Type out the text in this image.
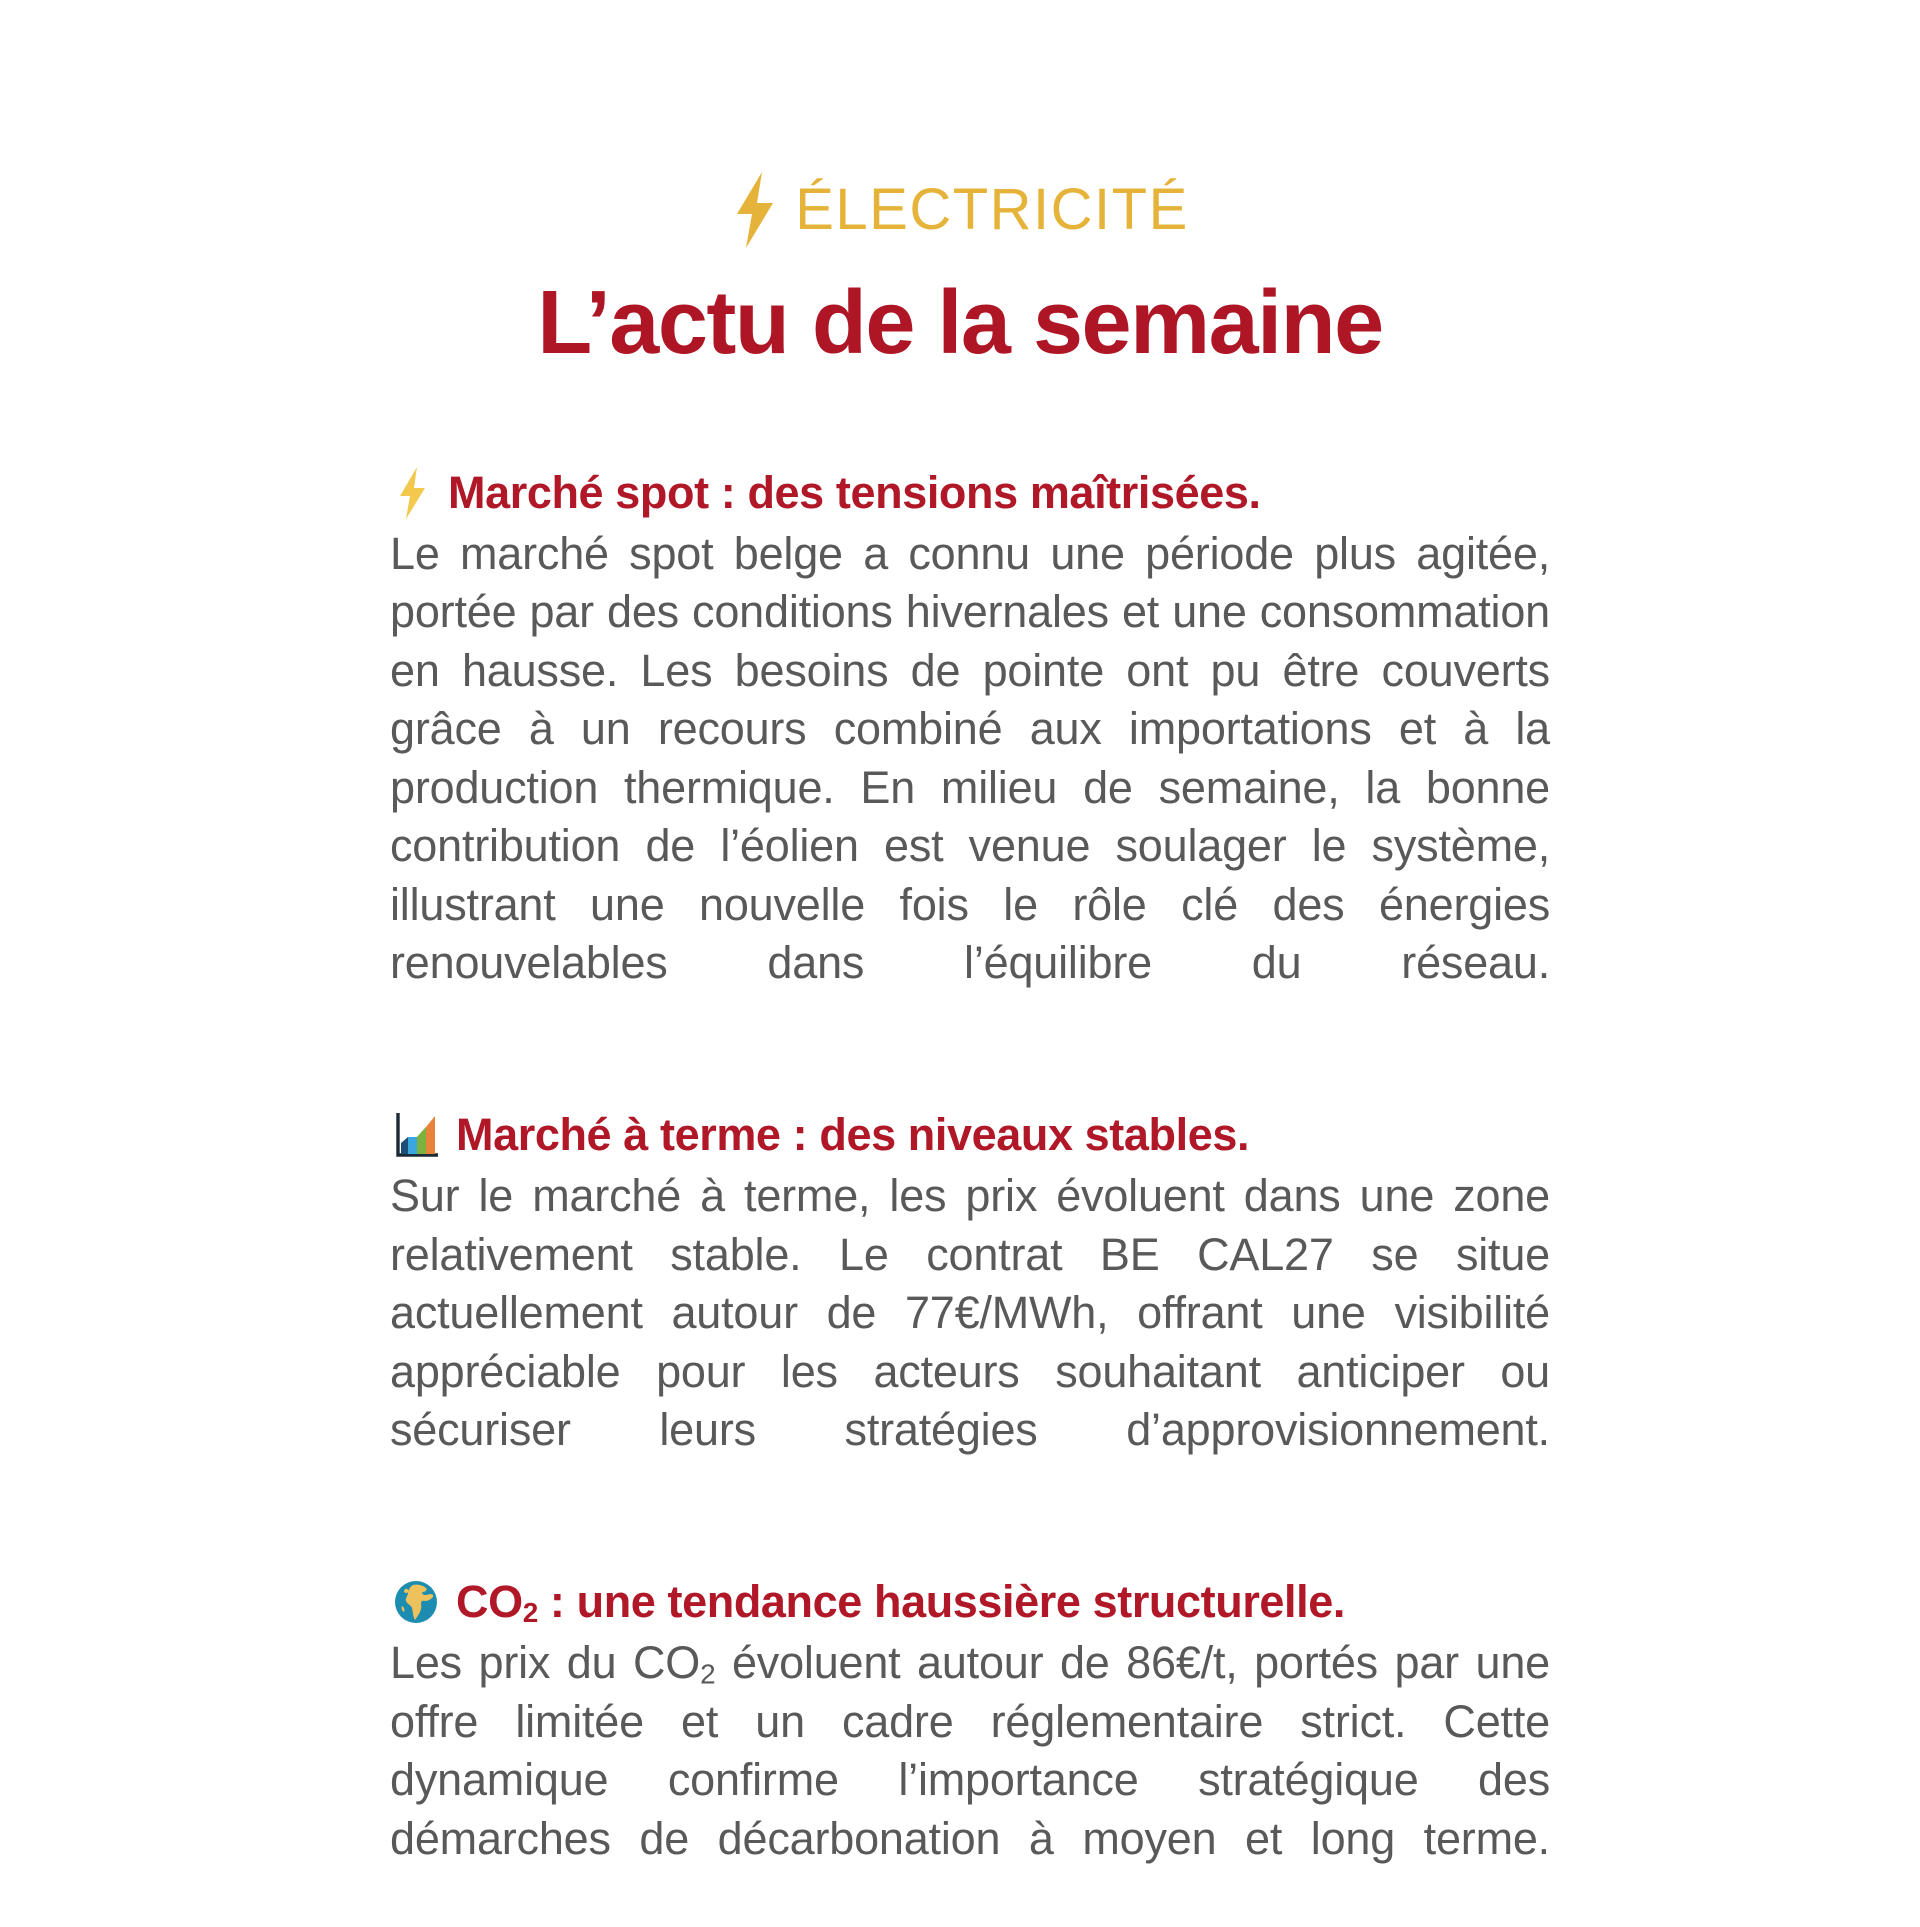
ÉLECTRICITÉ
L’actu de la semaine
Marché spot : des tensions maîtrisées.

Le marché spot belge a connu une période plus agitée, portée par des conditions hivernales et une consommation en hausse. Les besoins de pointe ont pu être couverts grâce à un recours combiné aux importations et à la production thermique. En milieu de semaine, la bonne contribution de l’éolien est venue soulager le système, illustrant une nouvelle fois le rôle clé des énergies renouvelables dans l’équilibre du réseau.

Marché à terme : des niveaux stables.

Sur le marché à terme, les prix évoluent dans une zone relativement stable. Le contrat BE CAL27 se situe actuellement autour de 77€/MWh, offrant une visibilité appréciable pour les acteurs souhaitant anticiper ou sécuriser leurs stratégies d’approvisionnement.

$CO_2$ : une tendance haussière structurelle.

Les prix du $CO_2$ évoluent autour de 86€/t, portés par une offre limitée et un cadre réglementaire strict. Cette dynamique confirme l’importance stratégique des démarches de décarbonation à moyen et long terme.
